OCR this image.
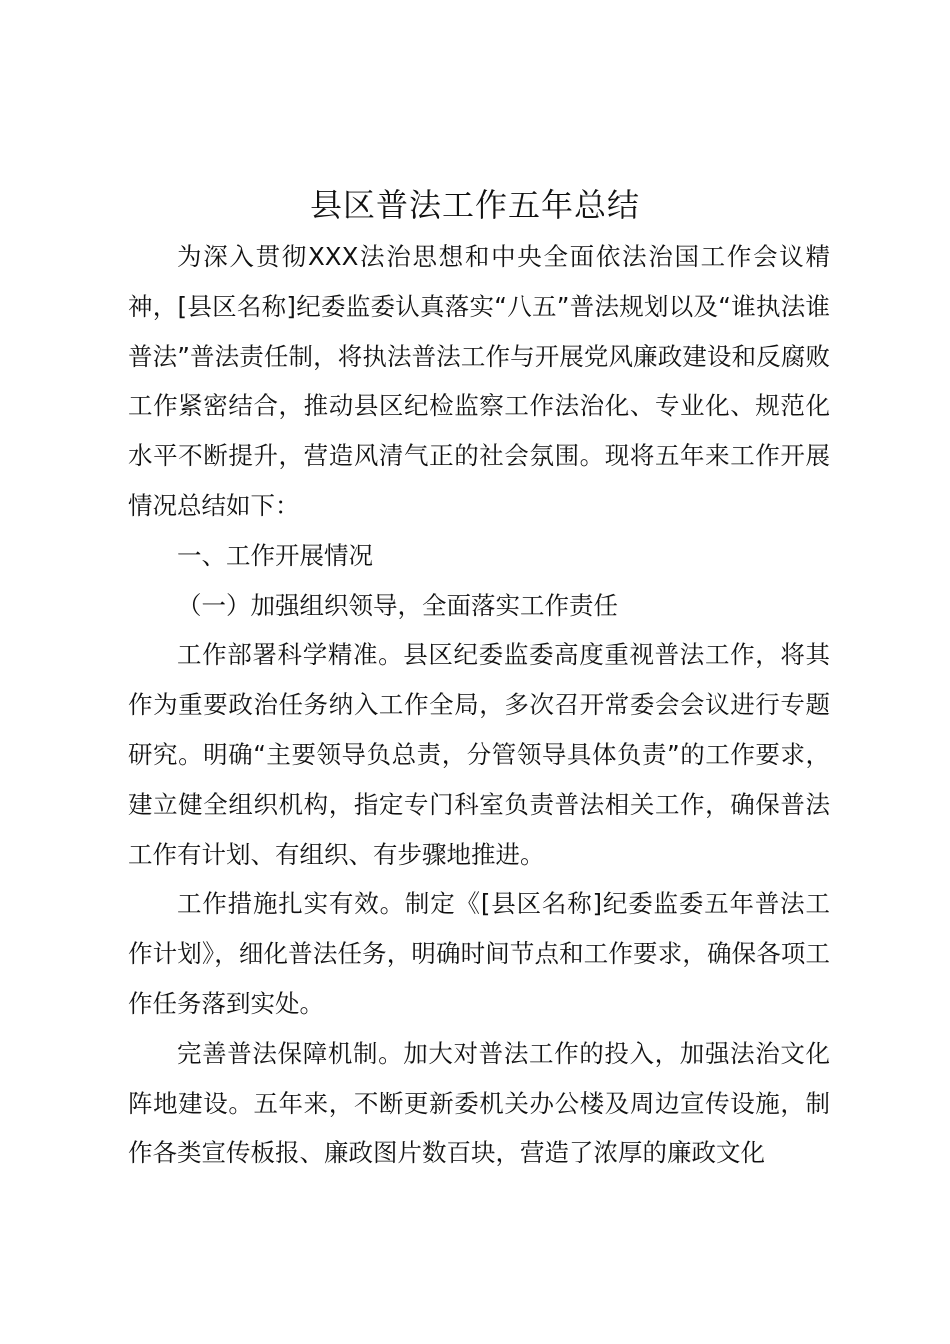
县区普法工作五年总结

为深入贯彻XXX法治思想和中央全面依法治国工作会议精神，[县区名称]纪委监委认真落实“八五”普法规划以及“谁执法谁普法”普法责任制，将执法普法工作与开展党风廉政建设和反腐败工作紧密结合，推动县区纪检监察工作法治化、专业化、规范化水平不断提升，营造风清气正的社会氛围。现将五年来工作开展情况总结如下：

一、工作开展情况

（一）加强组织领导，全面落实工作责任

工作部署科学精准。县区纪委监委高度重视普法工作，将其作为重要政治任务纳入工作全局，多次召开常委会会议进行专题研究。明确“主要领导负总责，分管领导具体负责”的工作要求，建立健全组织机构，指定专门科室负责普法相关工作，确保普法工作有计划、有组织、有步骤地推进。

工作措施扎实有效。制定《[县区名称]纪委监委五年普法工作计划》，细化普法任务，明确时间节点和工作要求，确保各项工作任务落到实处。

完善普法保障机制。加大对普法工作的投入，加强法治文化阵地建设。五年来，不断更新委机关办公楼及周边宣传设施，制作各类宣传板报、廉政图片数百块，营造了浓厚的廉政文化
